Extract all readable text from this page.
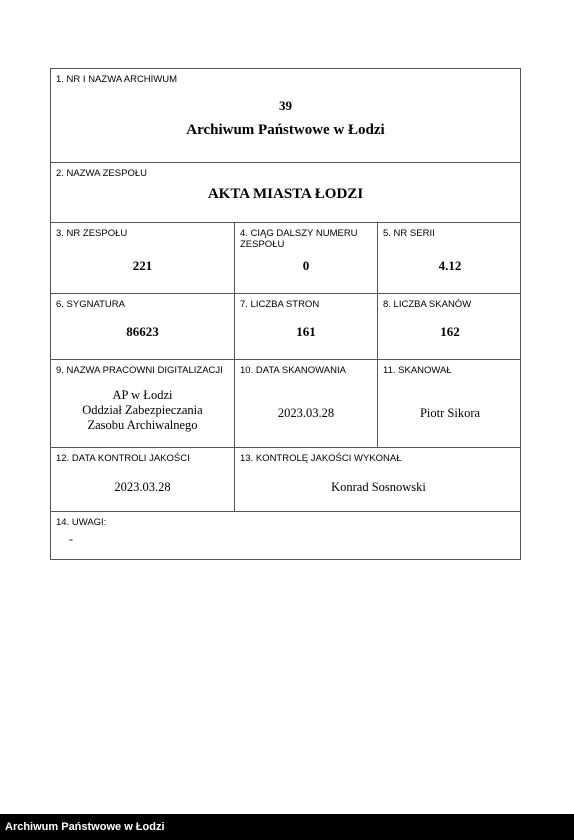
1. NR I NAZWA ARCHIWUM
39
Archiwum Państwowe w Łodzi
2. NAZWA ZESPOŁU
AKTA MIASTA ŁODZI
3. NR ZESPOŁU
221
4. CIĄG DALSZY NUMERU
ZESPOŁU
0
5. NR SERII
4.12
6. SYGNATURA
86623
7. LICZBA STRON
161
8. LICZBA SKANÓW
162
9. NAZWA PRACOWNI DIGITALIZACJI
AP w Łodzi
Oddział Zabezpieczania
Zasobu Archiwalnego
10. DATA SKANOWANIA
2023.03.28
11. SKANOWAŁ
Piotr Sikora
12. DATA KONTROLI JAKOŚCI
2023.03.28
13. KONTROLĘ JAKOŚCI WYKONAŁ
Konrad Sosnowski
14. UWAGI:
-
Archiwum Państwowe w Łodzi
